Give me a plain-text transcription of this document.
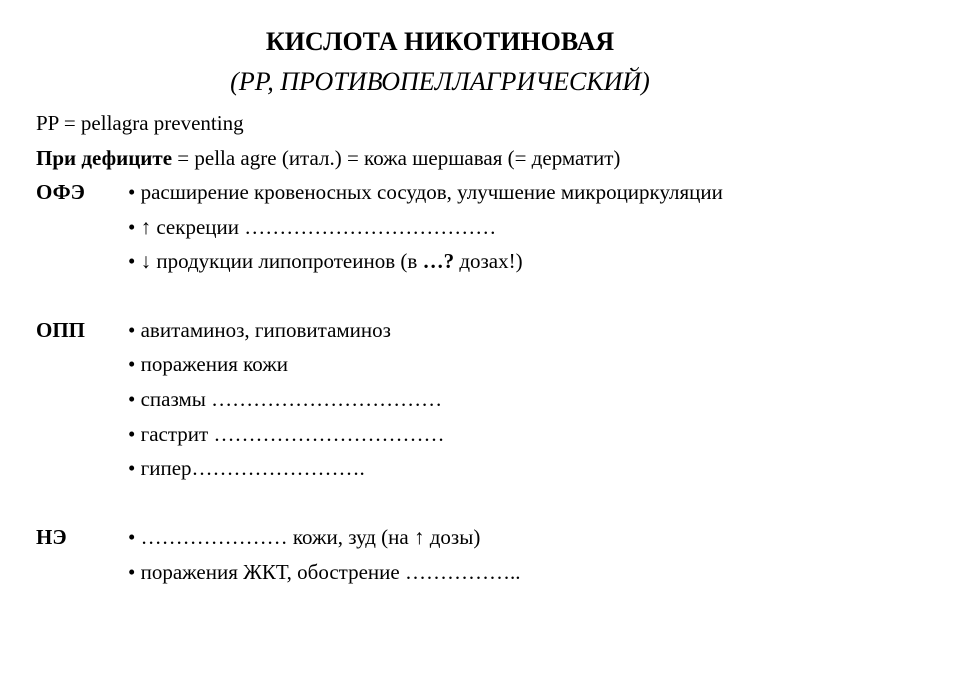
КИСЛОТА НИКОТИНОВАЯ
(PP, ПРОТИВОПЕЛЛАГРИЧЕСКИЙ)
PP = pellagra preventing
При дефиците = pella agre (итал.) = кожа шершавая (= дерматит)
ОФЭ • расширение кровеносных сосудов, улучшение микроциркуляции
• ↑ секреции ………………………………
• ↓ продукции липопротеинов (в …? дозах!)
ОПП • авитаминоз, гиповитаминоз
• поражения кожи
• спазмы ……………………………
• гастрит ……………………………
• гипер…………………….
НЭ	• ………………… кожи, зуд (на ↑ дозы)
• поражения ЖКТ, обострение ……………..
